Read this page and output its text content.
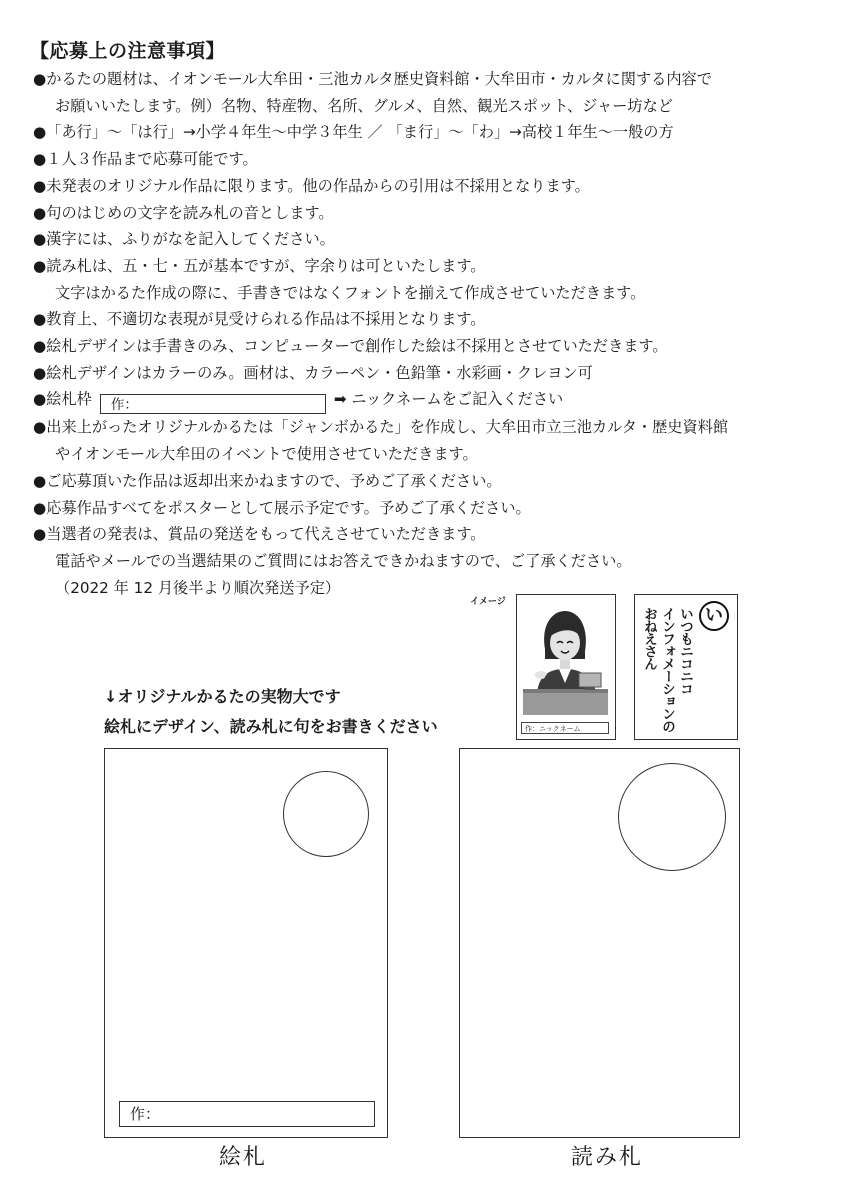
【応募上の注意事項】
●かるたの題材は、イオンモール大牟田・三池カルタ歴史資料館・大牟田市・カルタに関する内容で
お願いいたします。例）名物、特産物、名所、グルメ、自然、観光スポット、ジャー坊など
●「あ行」～「は行」→小学４年生～中学３年生 ／ 「ま行」～「わ」→高校１年生～一般の方
●１人３作品まで応募可能です。
●未発表のオリジナル作品に限ります。他の作品からの引用は不採用となります。
●句のはじめの文字を読み札の音とします。
●漢字には、ふりがなを記入してください。
●読み札は、五・七・五が基本ですが、字余りは可といたします。
文字はかるた作成の際に、手書きではなくフォントを揃えて作成させていただきます。
●教育上、不適切な表現が見受けられる作品は不採用となります。
●絵札デザインは手書きのみ、コンピューターで創作した絵は不採用とさせていただきます。
●絵札デザインはカラーのみ。画材は、カラーペン・色鉛筆・水彩画・クレヨン可
●絵札枠 作：	➡ ニックネームをご記入ください
●出来上がったオリジナルかるたは「ジャンボかるた」を作成し、大牟田市立三池カルタ・歴史資料館
やイオンモール大牟田のイベントで使用させていただきます。
●ご応募頂いた作品は返却出来かねますので、予めご了承ください。
●応募作品すべてをポスターとして展示予定です。予めご了承ください。
●当選者の発表は、賞品の発送をもって代えさせていただきます。
電話やメールでの当選結果のご質問にはお答えできかねますので、ご了承ください。
（2022 年 12 月後半より順次発送予定）
イメージ
作：ニックネーム
い
いつもニコニコ
インフォメーションの
おねえさん
↓オリジナルかるたの実物大です
絵札にデザイン、読み札に句をお書きください
作：
絵札	読み札
